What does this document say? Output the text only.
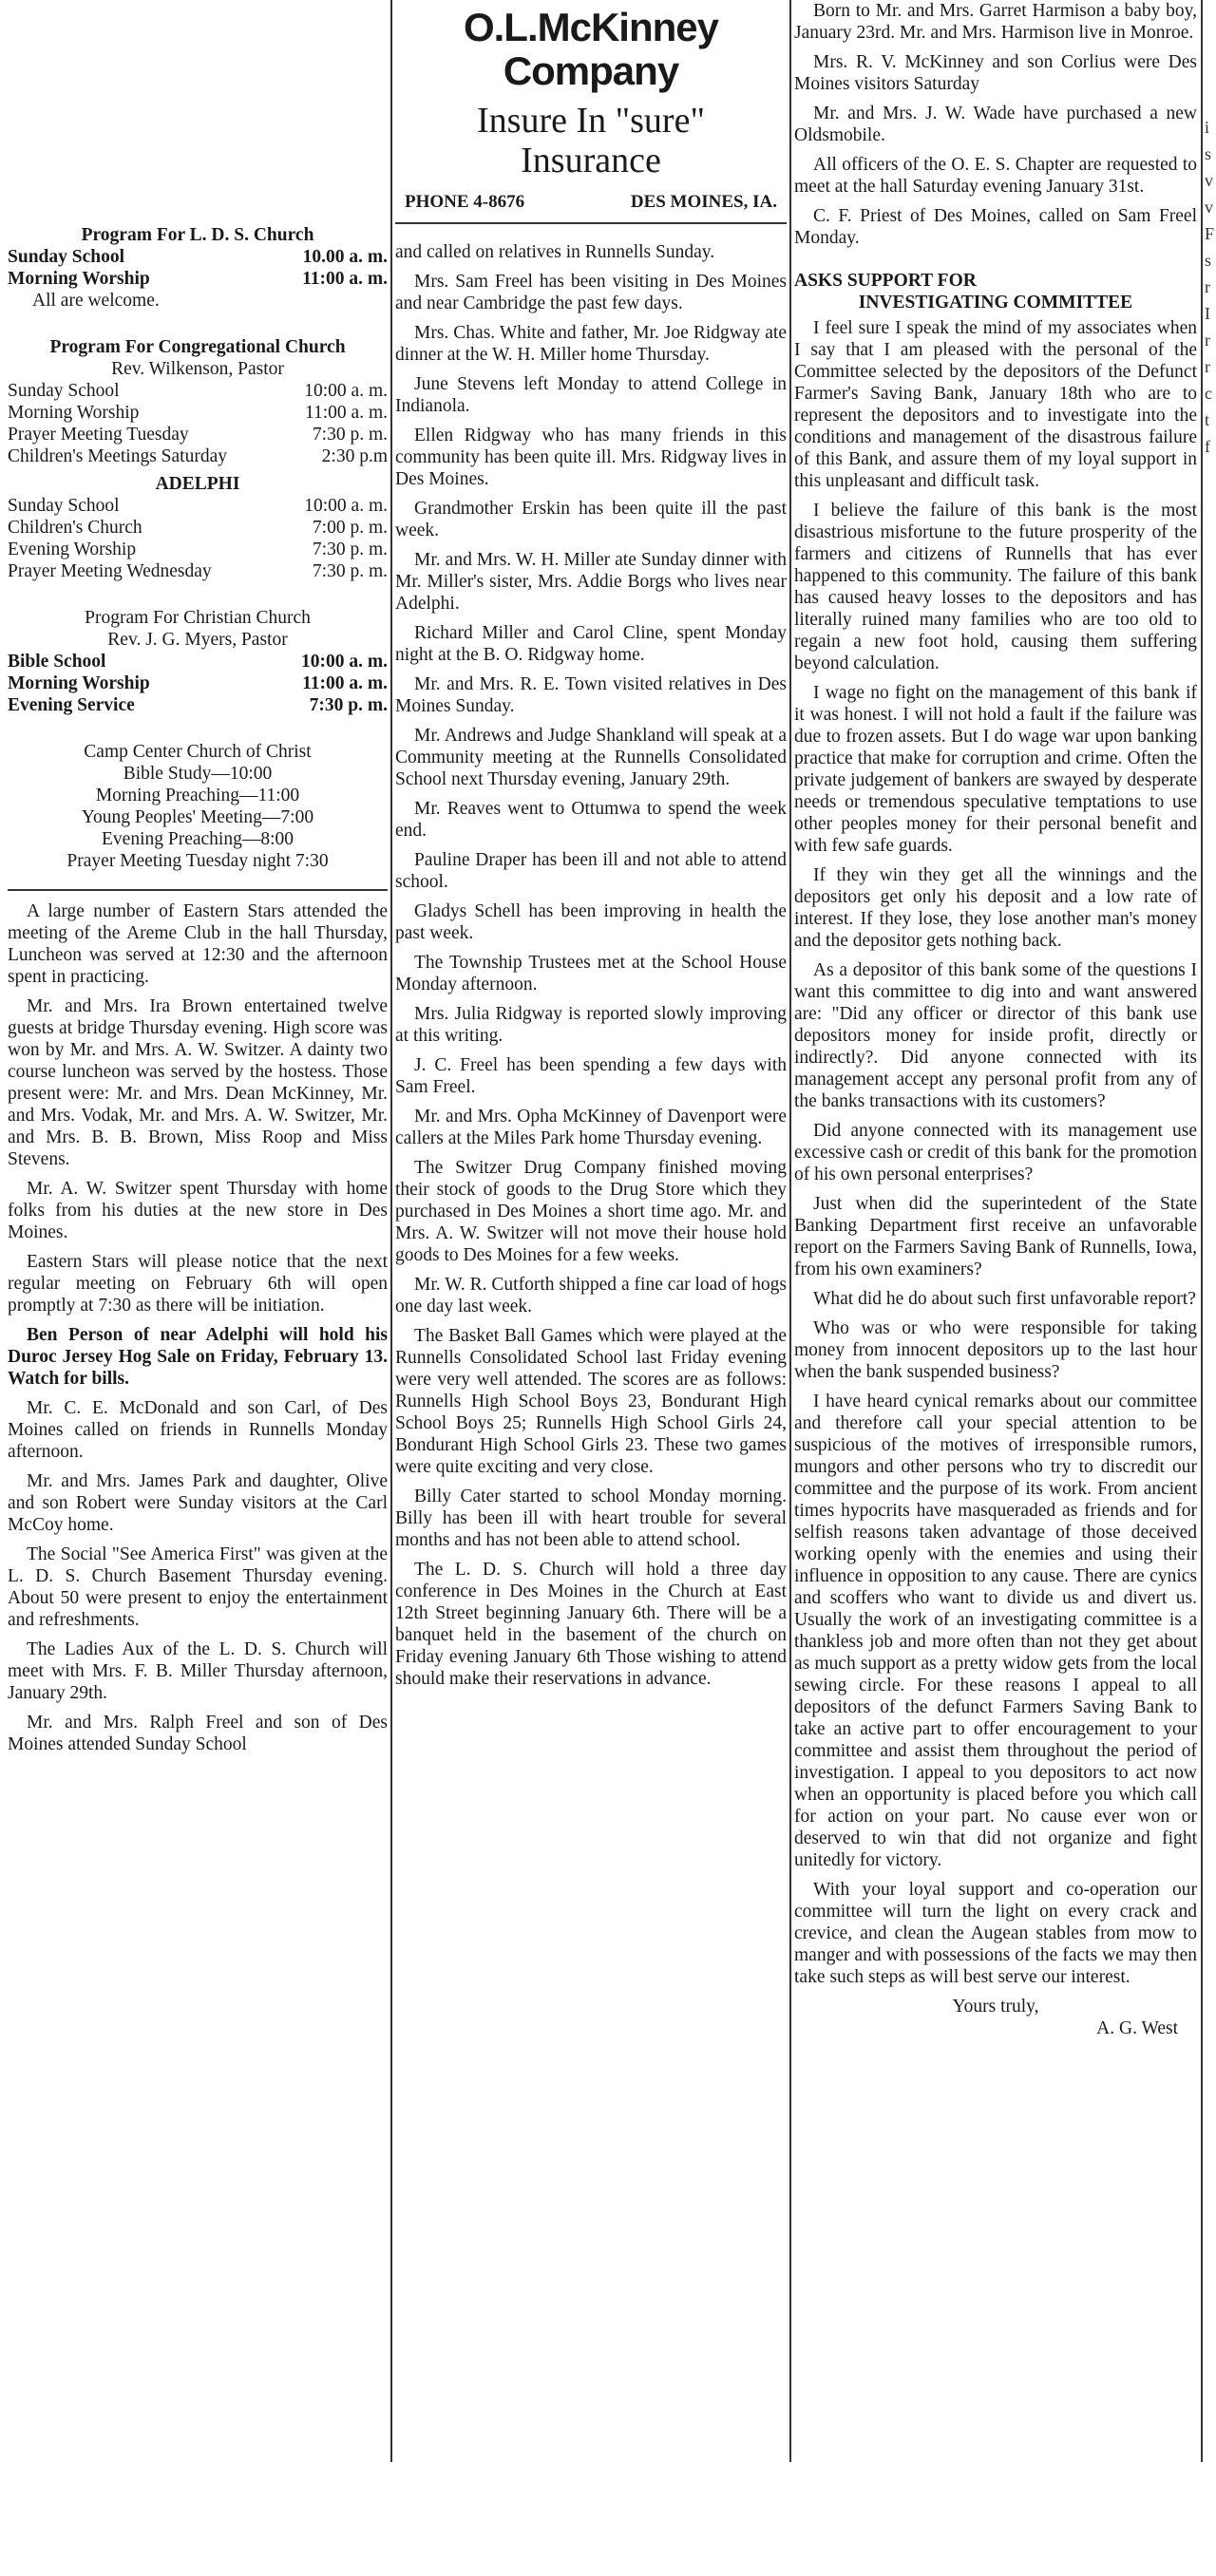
Program For L. D. S. Church

Sunday School	10.00 a. m.
Morning Worship	11:00 a. m.

All are welcome.

Program For Congregational Church

Rev. Wilkenson, Pastor

Sunday School	10:00 a. m.
Morning Worship	11:00 a. m.
Prayer Meeting Tuesday	7:30 p. m.
Children's Meetings Saturday	2:30 p.m

ADELPHI

Sunday School	10:00 a. m.
Children's Church	7:00 p. m.
Evening Worship	7:30 p. m.
Prayer Meeting Wednesday	7:30 p. m.

Program For Christian Church

Rev. J. G. Myers, Pastor

Bible School	10:00 a. m.
Morning Worship	11:00 a. m.
Evening Service	7:30 p. m.

Camp Center Church of Christ

Bible Study—10:00

Morning Preaching—11:00

Young Peoples' Meeting—7:00

Evening Preaching—8:00

Prayer Meeting Tuesday night 7:30

A large number of Eastern Stars attended the meeting of the Areme Club in the hall Thursday, Luncheon was served at 12:30 and the afternoon spent in practicing.

Mr. and Mrs. Ira Brown entertained twelve guests at bridge Thursday evening. High score was won by Mr. and Mrs. A. W. Switzer. A dainty two course luncheon was served by the hostess. Those present were: Mr. and Mrs. Dean McKinney, Mr. and Mrs. Vodak, Mr. and Mrs. A. W. Switzer, Mr. and Mrs. B. B. Brown, Miss Roop and Miss Stevens.

Mr. A. W. Switzer spent Thursday with home folks from his duties at the new store in Des Moines.

Eastern Stars will please notice that the next regular meeting on February 6th will open promptly at 7:30 as there will be initiation.

Ben Person of near Adelphi will hold his Duroc Jersey Hog Sale on Friday, February 13. Watch for bills.

Mr. C. E. McDonald and son Carl, of Des Moines called on friends in Runnells Monday afternoon.

Mr. and Mrs. James Park and daughter, Olive and son Robert were Sunday visitors at the Carl McCoy home.

The Social "See America First" was given at the L. D. S. Church Basement Thursday evening. About 50 were present to enjoy the entertainment and refreshments.

The Ladies Aux of the L. D. S. Church will meet with Mrs. F. B. Miller Thursday afternoon, January 29th.

Mr. and Mrs. Ralph Freel and son of Des Moines attended Sunday School

O.L.McKinney Company
Insure In "sure"
Insurance
PHONE 4-8676	DES MOINES, IA.

and called on relatives in Runnells Sunday.

Mrs. Sam Freel has been visiting in Des Moines and near Cambridge the past few days.

Mrs. Chas. White and father, Mr. Joe Ridgway ate dinner at the W. H. Miller home Thursday.

June Stevens left Monday to attend College in Indianola.

Ellen Ridgway who has many friends in this community has been quite ill. Mrs. Ridgway lives in Des Moines.

Grandmother Erskin has been quite ill the past week.

Mr. and Mrs. W. H. Miller ate Sunday dinner with Mr. Miller's sister, Mrs. Addie Borgs who lives near Adelphi.

Richard Miller and Carol Cline, spent Monday night at the B. O. Ridgway home.

Mr. and Mrs. R. E. Town visited relatives in Des Moines Sunday.

Mr. Andrews and Judge Shankland will speak at a Community meeting at the Runnells Consolidated School next Thursday evening, January 29th.

Mr. Reaves went to Ottumwa to spend the week end.

Pauline Draper has been ill and not able to attend school.

Gladys Schell has been improving in health the past week.

The Township Trustees met at the School House Monday afternoon.

Mrs. Julia Ridgway is reported slowly improving at this writing.

J. C. Freel has been spending a few days with Sam Freel.

Mr. and Mrs. Opha McKinney of Davenport were callers at the Miles Park home Thursday evening.

The Switzer Drug Company finished moving their stock of goods to the Drug Store which they purchased in Des Moines a short time ago. Mr. and Mrs. A. W. Switzer will not move their house hold goods to Des Moines for a few weeks.

Mr. W. R. Cutforth shipped a fine car load of hogs one day last week.

The Basket Ball Games which were played at the Runnells Consolidated School last Friday evening were very well attended. The scores are as follows: Runnells High School Boys 23, Bondurant High School Boys 25; Runnells High School Girls 24, Bondurant High School Girls 23. These two games were quite exciting and very close.

Billy Cater started to school Monday morning. Billy has been ill with heart trouble for several months and has not been able to attend school.

The L. D. S. Church will hold a three day conference in Des Moines in the Church at East 12th Street beginning January 6th. There will be a banquet held in the basement of the church on Friday evening January 6th Those wishing to attend should make their reservations in advance.

Born to Mr. and Mrs. Garret Harmison a baby boy, January 23rd. Mr. and Mrs. Harmison live in Monroe.

Mrs. R. V. McKinney and son Corlius were Des Moines visitors Saturday

Mr. and Mrs. J. W. Wade have purchased a new Oldsmobile.

All officers of the O. E. S. Chapter are requested to meet at the hall Saturday evening January 31st.

C. F. Priest of Des Moines, called on Sam Freel Monday.

ASKS SUPPORT FOR

INVESTIGATING COMMITTEE

I feel sure I speak the mind of my associates when I say that I am pleased with the personal of the Committee selected by the depositors of the Defunct Farmer's Saving Bank, January 18th who are to represent the depositors and to investigate into the conditions and management of the disastrous failure of this Bank, and assure them of my loyal support in this unpleasant and difficult task.

I believe the failure of this bank is the most disastrious misfortune to the future prosperity of the farmers and citizens of Runnells that has ever happened to this community. The failure of this bank has caused heavy losses to the depositors and has literally ruined many families who are too old to regain a new foot hold, causing them suffering beyond calculation.

I wage no fight on the management of this bank if it was honest. I will not hold a fault if the failure was due to frozen assets. But I do wage war upon banking practice that make for corruption and crime. Often the private judgement of bankers are swayed by desperate needs or tremendous speculative temptations to use other peoples money for their personal benefit and with few safe guards.

If they win they get all the winnings and the depositors get only his deposit and a low rate of interest. If they lose, they lose another man's money and the depositor gets nothing back.

As a depositor of this bank some of the questions I want this committee to dig into and want answered are: "Did any officer or director of this bank use depositors money for inside profit, directly or indirectly?. Did anyone connected with its management accept any personal profit from any of the banks transactions with its customers?

Did anyone connected with its management use excessive cash or credit of this bank for the promotion of his own personal enterprises?

Just when did the superintedent of the State Banking Department first receive an unfavorable report on the Farmers Saving Bank of Runnells, Iowa, from his own examiners?

What did he do about such first unfavorable report?

Who was or who were responsible for taking money from innocent depositors up to the last hour when the bank suspended business?

I have heard cynical remarks about our committee and therefore call your special attention to be suspicious of the motives of irresponsible rumors, mungors and other persons who try to discredit our committee and the purpose of its work. From ancient times hypocrits have masqueraded as friends and for selfish reasons taken advantage of those deceived working openly with the enemies and using their influence in opposition to any cause. There are cynics and scoffers who want to divide us and divert us. Usually the work of an investigating committee is a thankless job and more often than not they get about as much support as a pretty widow gets from the local sewing circle. For these reasons I appeal to all depositors of the defunct Farmers Saving Bank to take an active part to offer encouragement to your committee and assist them throughout the period of investigation. I appeal to you depositors to act now when an opportunity is placed before you which call for action on your part. No cause ever won or deserved to win that did not organize and fight unitedly for victory.

With your loyal support and co-operation our committee will turn the light on every crack and crevice, and clean the Augean stables from mow to manger and with possessions of the facts we may then take such steps as will best serve our interest.

Yours truly,

A. G. West

i
s
v
v
F
s
r
I
r
r
c
t
f
